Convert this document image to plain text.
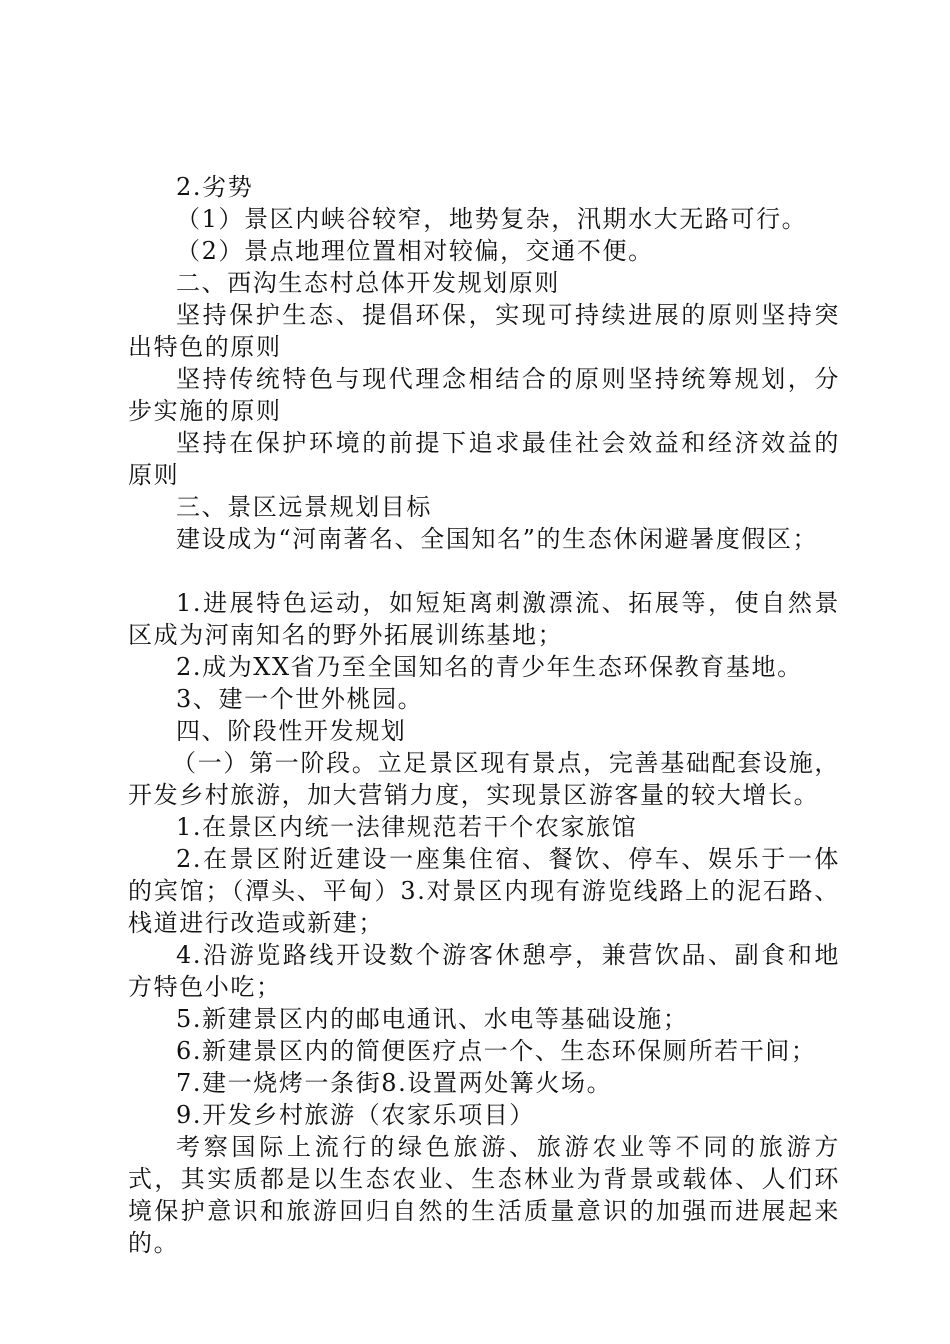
2.劣势

（1）景区内峡谷较窄，地势复杂，汛期水大无路可行。

（2）景点地理位置相对较偏，交通不便。

二、西沟生态村总体开发规划原则

坚持保护生态、提倡环保，实现可持续进展的原则坚持突出特色的原则

坚持传统特色与现代理念相结合的原则坚持统筹规划，分步实施的原则

坚持在保护环境的前提下追求最佳社会效益和经济效益的原则

三、景区远景规划目标

建设成为“河南著名、全国知名”的生态休闲避暑度假区；

1.进展特色运动，如短矩离刺激漂流、拓展等，使自然景区成为河南知名的野外拓展训练基地；

2.成为XX省乃至全国知名的青少年生态环保教育基地。

3、建一个世外桃园。

四、阶段性开发规划

（一）第一阶段。立足景区现有景点，完善基础配套设施，开发乡村旅游，加大营销力度，实现景区游客量的较大增长。

1.在景区内统一法律规范若干个农家旅馆

2.在景区附近建设一座集住宿、餐饮、停车、娱乐于一体的宾馆；（潭头、平甸）3.对景区内现有游览线路上的泥石路、栈道进行改造或新建；

4.沿游览路线开设数个游客休憩亭，兼营饮品、副食和地方特色小吃；

5.新建景区内的邮电通讯、水电等基础设施；

6.新建景区内的简便医疗点一个、生态环保厕所若干间；

7.建一烧烤一条街8.设置两处篝火场。

9.开发乡村旅游（农家乐项目）

考察国际上流行的绿色旅游、旅游农业等不同的旅游方式，其实质都是以生态农业、生态林业为背景或载体、人们环境保护意识和旅游回归自然的生活质量意识的加强而进展起来的。
